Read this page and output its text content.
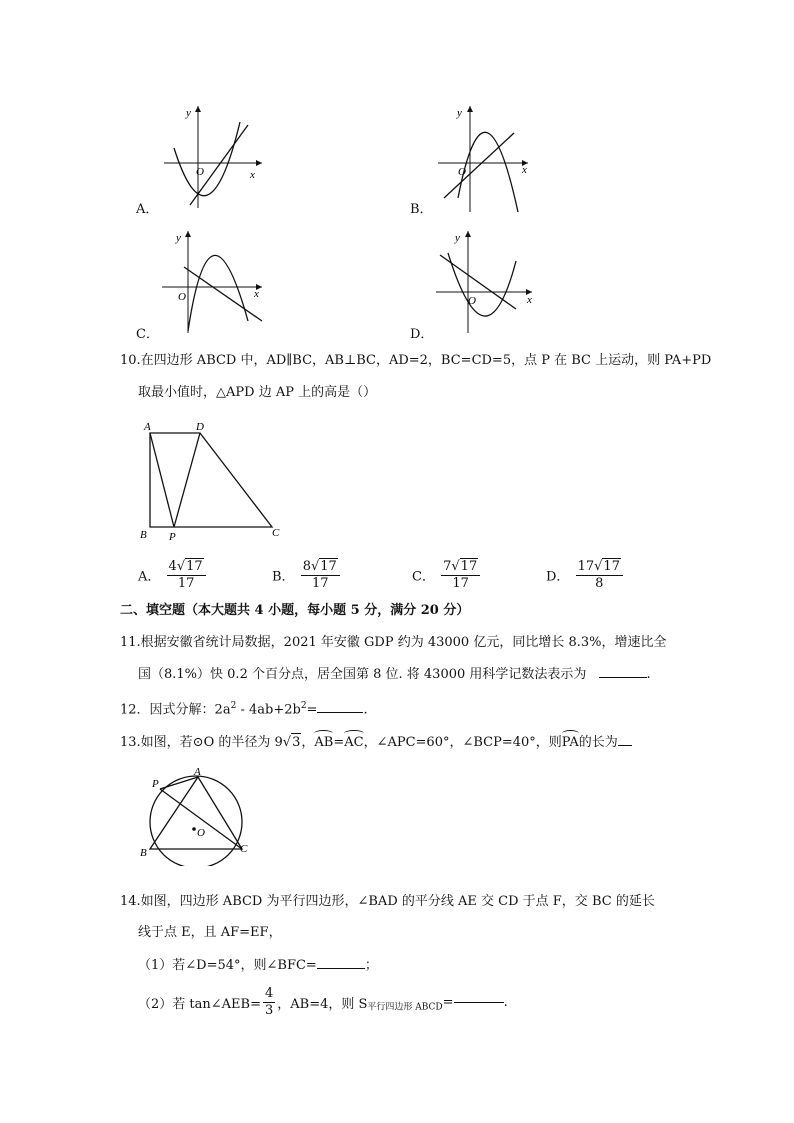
A．
x
y
O
B．
x
y
O
C．
x
y
O
D．
x
y
O
10.在四边形 ABCD 中，AD∥BC，AB⊥BC，AD=2，BC=CD=5，点 P 在 BC 上运动，则 PA+PD
取最小值时，△APD 边 AP 上的高是（）
A	D
B P	C
A． $\frac{4√17}{17}$	B． $\frac{8√17}{17}$	C． $\frac{7√17}{17}$	D． $\frac{17√17}{8}$
二、填空题（本大题共 4 小题，每小题 5 分，满分 20 分）
11.根据安徽省统计局数据，2021 年安徽 GDP 约为 43000 亿元，同比增长 8.3%，增速比全
国（8.1%）快 0.2 个百分点，居全国第 8 位. 将 43000 用科学记数法表示为	.
12．因式分解：$2a^2 - 4ab+2b^2=$	.
13.如图，若⊙O 的半径为 9√3，AB=AC，∠APC=60°，∠BCP=40°，则PA的长为
P
A
O
B	C
14.如图，四边形 ABCD 为平行四边形，∠BAD 的平分线 AE 交 CD 于点 F，交 BC 的延长
线于点 E，且 AF=EF，
（1）若∠D=54°，则∠BFC=	；
（2）若 tan∠AEB= $\frac{4}{3}$ ，AB=4，则 $S_{平行四边形 ABCD}=$	.
